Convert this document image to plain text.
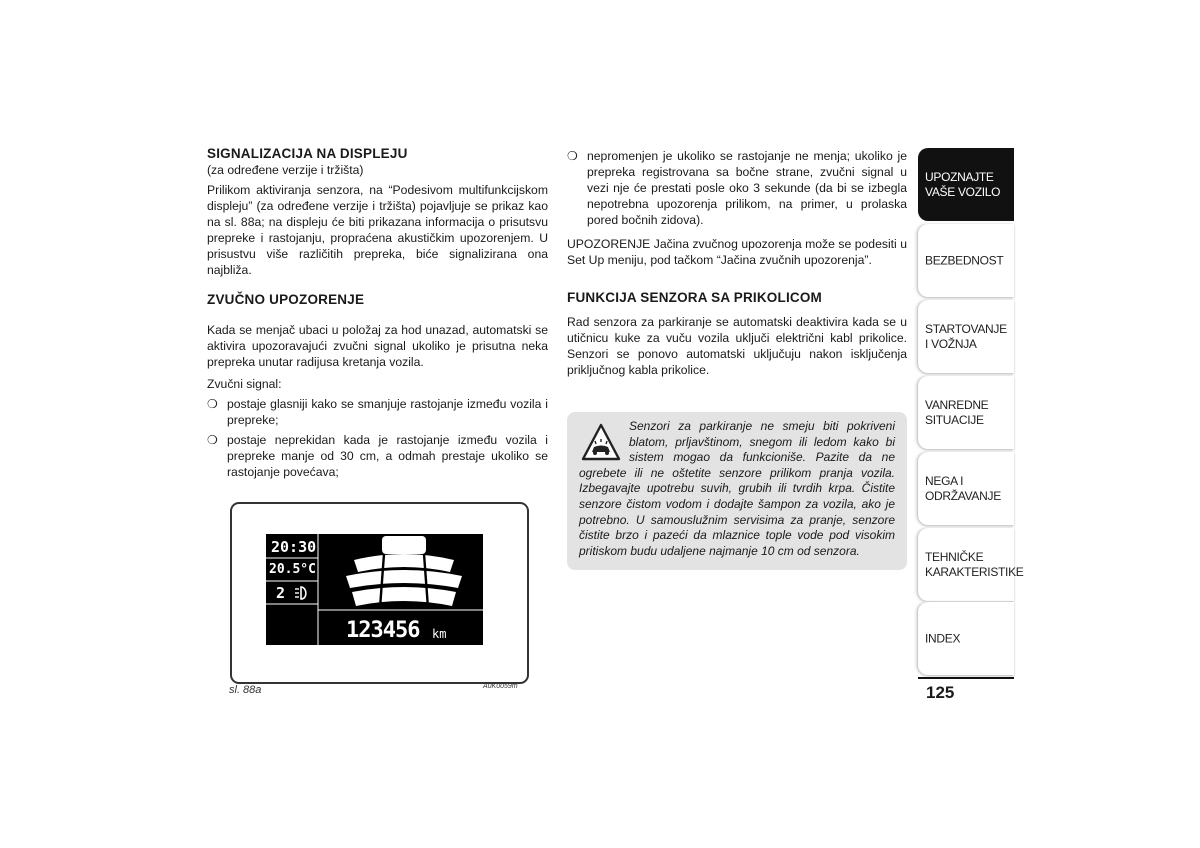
SIGNALIZACIJA NA DISPLEJU

(za određene verzije i tržišta)

Prilikom aktiviranja senzora, na “Podesivom multifunkcijskom displeju” (za određene verzije i tržišta) pojavljuje se prikaz kao na sl. 88a; na displeju će biti prikazana informacija o prisutsvu prepreke i rastojanju, propraćena akustičkim upozorenjem. U prisustvu više različitih prepreka, biće signalizirana ona najbliža.

ZVUČNO UPOZORENJE

Kada se menjač ubaci u položaj za hod unazad, automatski se aktivira upozoravajući zvučni signal ukoliko je prisutna neka prepreka unutar radijusa kretanja vozila.

Zvučni signal:

❍ postaje glasniji kako se smanjuje rastojanje između vozila i prepreke;
❍ postaje neprekidan kada je rastojanje između vozila i prepreke manje od 30 cm, a odmah prestaje ukoliko se rastojanje povećava;
20:30
20.5°C
2
123456 km
sl. 88a	A0K0059m
❍ nepromenjen je ukoliko se rastojanje ne menja; ukoliko je prepreka registrovana sa bočne strane, zvučni signal u vezi nje će prestati posle oko 3 sekunde (da bi se izbegla nepotrebna upozorenja prilikom, na primer, u prolaska pored bočnih zidova).

UPOZORENJE Jačina zvučnog upozorenja može se podesiti u Set Up meniju, pod tačkom “Jačina zvučnih upozorenja”.

FUNKCIJA SENZORA SA PRIKOLICOM

Rad senzora za parkiranje se automatski deaktivira kada se u utičnicu kuke za vuču vozila uključi električni kabl prikolice. Senzori se ponovo automatski uključuju nakon isključenja priključnog kabla prikolice.

Senzori za parkiranje ne smeju biti pokriveni blatom, prljavštinom, snegom ili ledom kako bi sistem mogao da funkcioniše. Pazite da ne ogrebete ili ne oštetite senzore prilikom pranja vozila. Izbegavajte upotrebu suvih, grubih ili tvrdih krpa. Čistite senzore čistom vodom i dodajte šampon za vozila, ako je potrebno. U samouslužnim servisima za pranje, senzore čistite brzo i pazeći da mlaznice tople vode pod visokim pritiskom budu udaljene najmanje 10 cm od senzora.
UPOZNAJTE
VAŠE VOZILO
BEZBEDNOST
STARTOVANJE
I VOŽNJA
VANREDNE
SITUACIJE
NEGA I
ODRŽAVANJE
TEHNIČKE
KARAKTERISTIKE
INDEX
125
